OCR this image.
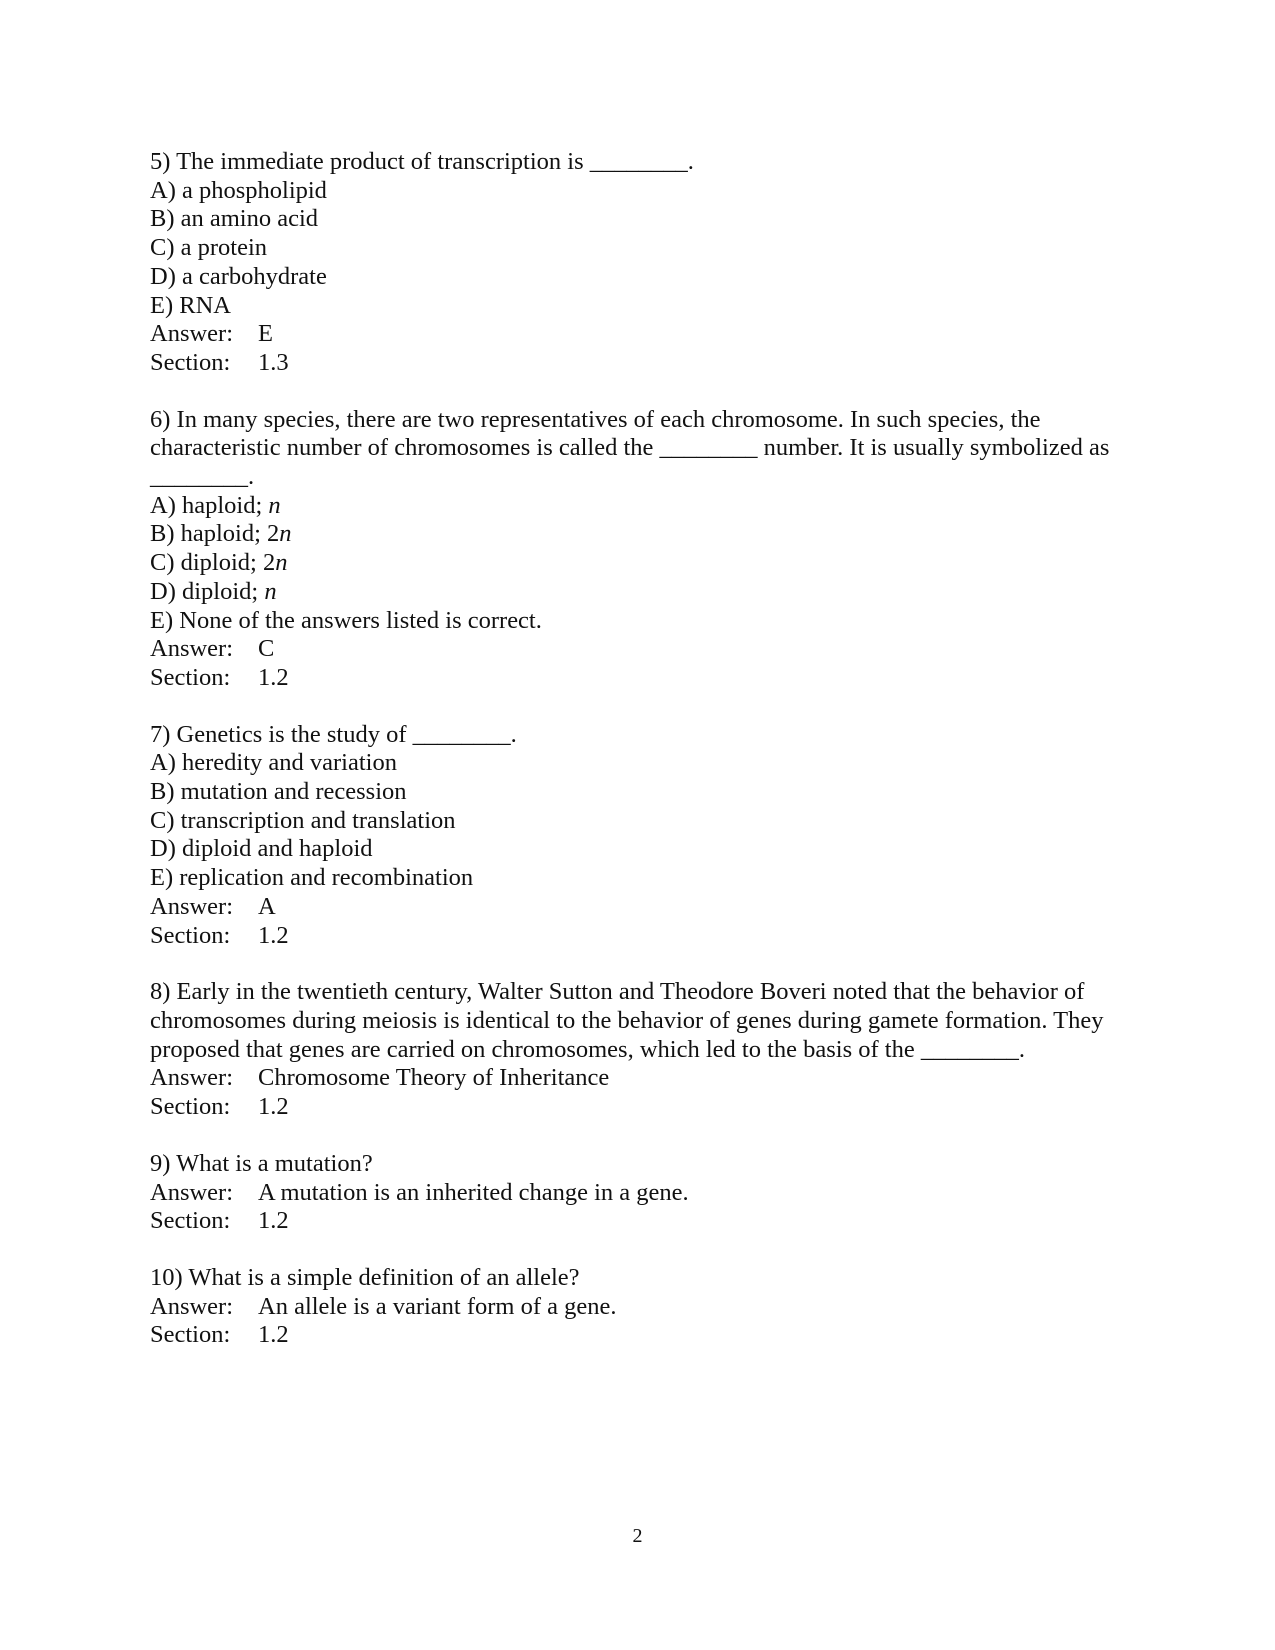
5) The immediate product of transcription is ________.

A) a phospholipid

B) an amino acid

C) a protein

D) a carbohydrate

E) RNA

Answer: E

Section: 1.3

6) In many species, there are two representatives of each chromosome. In such species, the characteristic number of chromosomes is called the ________ number. It is usually symbolized as ________.

A) haploid; n

B) haploid; 2n

C) diploid; 2n

D) diploid; n

E) None of the answers listed is correct.

Answer: C

Section: 1.2

7) Genetics is the study of ________.

A) heredity and variation

B) mutation and recession

C) transcription and translation

D) diploid and haploid

E) replication and recombination

Answer: A

Section: 1.2

8) Early in the twentieth century, Walter Sutton and Theodore Boveri noted that the behavior of chromosomes during meiosis is identical to the behavior of genes during gamete formation. They proposed that genes are carried on chromosomes, which led to the basis of the ________.

Answer: Chromosome Theory of Inheritance

Section: 1.2

9) What is a mutation?

Answer: A mutation is an inherited change in a gene.

Section: 1.2

10) What is a simple definition of an allele?

Answer: An allele is a variant form of a gene.

Section: 1.2

2
